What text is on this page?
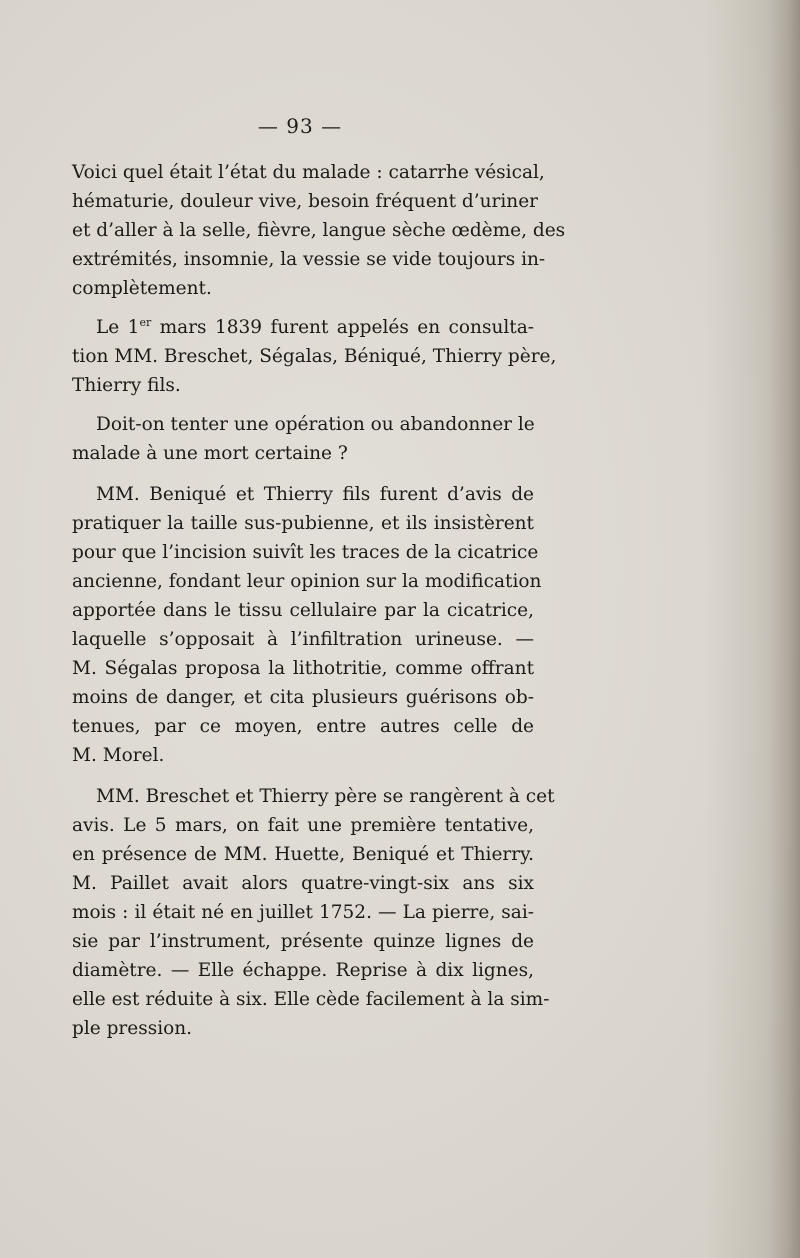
— 93 —
Voici quel était l’état du malade : catarrhe vésical,
hématurie, douleur vive, besoin fréquent d’uriner
et d’aller à la selle, fièvre, langue sèche œdème, des
extrémités, insomnie, la vessie se vide toujours in-
complètement.
Le 1er mars 1839 furent appelés en consulta-
tion MM. Breschet, Ségalas, Béniqué, Thierry père,
Thierry fils.
Doit-on tenter une opération ou abandonner le
malade à une mort certaine ?
MM. Beniqué et Thierry fils furent d’avis de
pratiquer la taille sus-pubienne, et ils insistèrent
pour que l’incision suivît les traces de la cicatrice
ancienne, fondant leur opinion sur la modification
apportée dans le tissu cellulaire par la cicatrice,
laquelle s’opposait à l’infiltration urineuse. —
M. Ségalas proposa la lithotritie, comme offrant
moins de danger, et cita plusieurs guérisons ob-
tenues, par ce moyen, entre autres celle de
M. Morel.
MM. Breschet et Thierry père se rangèrent à cet
avis. Le 5 mars, on fait une première tentative,
en présence de MM. Huette, Beniqué et Thierry.
M. Paillet avait alors quatre-vingt-six ans six
mois : il était né en juillet 1752. — La pierre, sai-
sie par l’instrument, présente quinze lignes de
diamètre. — Elle échappe. Reprise à dix lignes,
elle est réduite à six. Elle cède facilement à la sim-
ple pression.
